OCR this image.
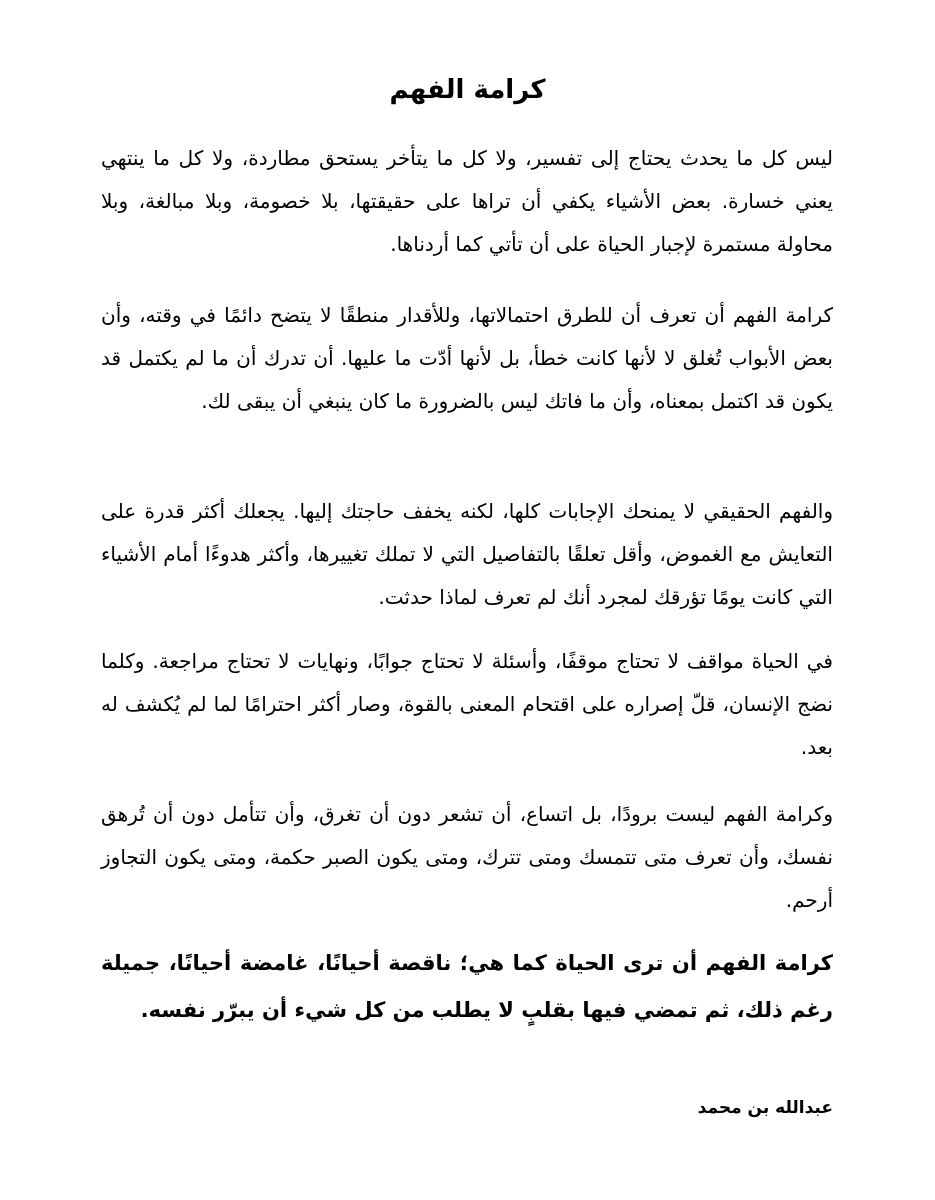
كرامة الفهم

ليس كل ما يحدث يحتاج إلى تفسير، ولا كل ما يتأخر يستحق مطاردة، ولا كل ما ينتهي يعني خسارة. بعض الأشياء يكفي أن تراها على حقيقتها، بلا خصومة، وبلا مبالغة، وبلا محاولة مستمرة لإجبار الحياة على أن تأتي كما أردناها.

كرامة الفهم أن تعرف أن للطرق احتمالاتها، وللأقدار منطقًا لا يتضح دائمًا في وقته، وأن بعض الأبواب تُغلق لا لأنها كانت خطأ، بل لأنها أدّت ما عليها. أن تدرك أن ما لم يكتمل قد يكون قد اكتمل بمعناه، وأن ما فاتك ليس بالضرورة ما كان ينبغي أن يبقى لك.

والفهم الحقيقي لا يمنحك الإجابات كلها، لكنه يخفف حاجتك إليها. يجعلك أكثر قدرة على التعايش مع الغموض، وأقل تعلقًا بالتفاصيل التي لا تملك تغييرها، وأكثر هدوءًا أمام الأشياء التي كانت يومًا تؤرقك لمجرد أنك لم تعرف لماذا حدثت.

في الحياة مواقف لا تحتاج موقفًا، وأسئلة لا تحتاج جوابًا، ونهايات لا تحتاج مراجعة. وكلما نضج الإنسان، قلّ إصراره على اقتحام المعنى بالقوة، وصار أكثر احترامًا لما لم يُكشف له بعد.

وكرامة الفهم ليست برودًا، بل اتساع، أن تشعر دون أن تغرق، وأن تتأمل دون أن تُرهق نفسك، وأن تعرف متى تتمسك ومتى تترك، ومتى يكون الصبر حكمة، ومتى يكون التجاوز أرحم.

كرامة الفهم أن ترى الحياة كما هي؛ ناقصة أحيانًا، غامضة أحيانًا، جميلة رغم ذلك، ثم تمضي فيها بقلبٍ لا يطلب من كل شيء أن يبرّر نفسه.

عبدالله بن محمد
